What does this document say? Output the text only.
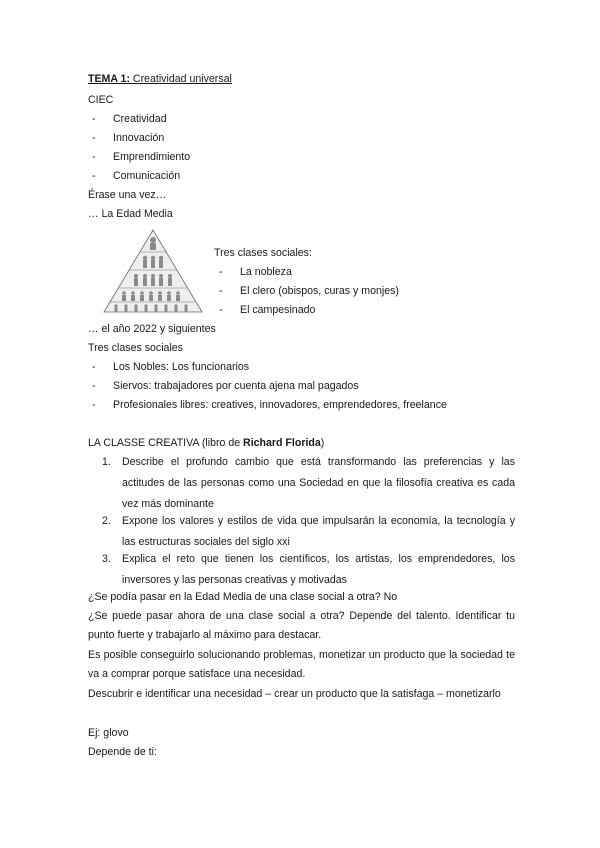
TEMA 1: Creatividad universal
CIEC
- Creatividad
- Innovación
- Emprendimiento
- Comunicación
Érase una vez…
… La Edad Media
Tres clases sociales:
- La nobleza
- El clero (obispos, curas y monjes)
- El campesinado
… el año 2022 y siguientes
Tres clases sociales
- Los Nobles: Los funcionarios
- Siervos: trabajadores por cuenta ajena mal pagados
- Profesionales libres: creatives, innovadores, emprendedores, freelance
LA CLASSE CREATIVA (libro de Richard Florida)
1. Describe el profundo cambio que está transformando las preferencias y las actitudes de las personas como una Sociedad en que la filosofía creativa es cada vez más dominante
2. Expone los valores y estilos de vida que impulsarán la economía, la tecnología y las estructuras sociales del siglo xxi
3. Explica el reto que tienen los científicos, los artistas, los emprendedores, los inversores y las personas creativas y motivadas
¿Se podía pasar en la Edad Media de una clase social a otra? No
¿Se puede pasar ahora de una clase social a otra? Depende del talento. Identificar tu punto fuerte y trabajarlo al máximo para destacar.
Es posible conseguirlo solucionando problemas, monetizar un producto que la sociedad te va a comprar porque satisface una necesidad.
Descubrir e identificar una necesidad – crear un producto que la satisfaga – monetizarlo
Ej: glovo
Depende de ti:
